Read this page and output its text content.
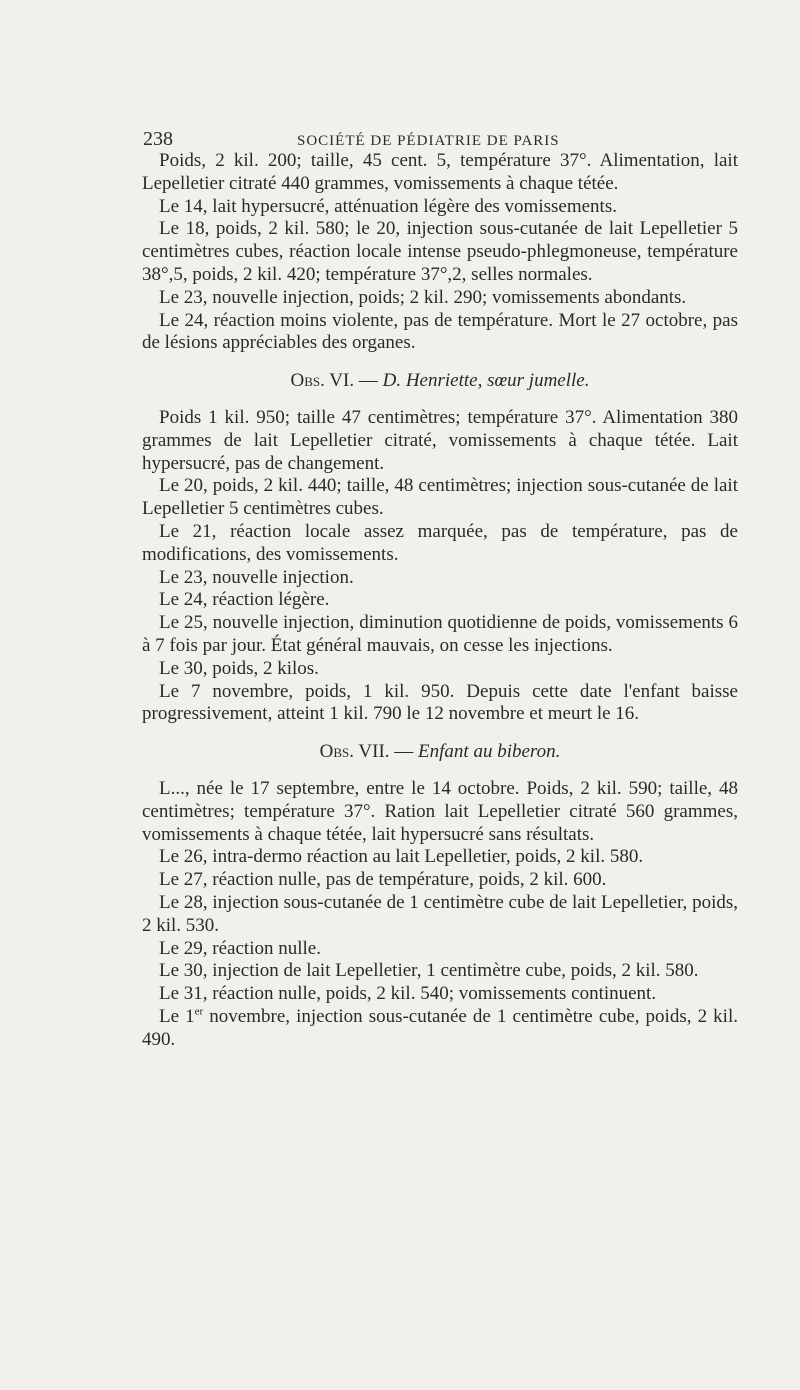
238	SOCIÉTÉ DE PÉDIATRIE DE PARIS

Poids, 2 kil. 200; taille, 45 cent. 5, température 37°. Alimentation, lait Lepelletier citraté 440 grammes, vomissements à chaque tétée.

Le 14, lait hypersucré, atténuation légère des vomissements.

Le 18, poids, 2 kil. 580; le 20, injection sous-cutanée de lait Lepelletier 5 centimètres cubes, réaction locale intense pseudo-phlegmoneuse, température 38°,5, poids, 2 kil. 420; température 37°,2, selles normales.

Le 23, nouvelle injection, poids; 2 kil. 290; vomissements abondants.

Le 24, réaction moins violente, pas de température. Mort le 27 octobre, pas de lésions appréciables des organes.

Obs. VI. — D. Henriette, sœur jumelle.

Poids 1 kil. 950; taille 47 centimètres; température 37°. Alimentation 380 grammes de lait Lepelletier citraté, vomissements à chaque tétée. Lait hypersucré, pas de changement.

Le 20, poids, 2 kil. 440; taille, 48 centimètres; injection sous-cutanée de lait Lepelletier 5 centimètres cubes.

Le 21, réaction locale assez marquée, pas de température, pas de modifications, des vomissements.

Le 23, nouvelle injection.

Le 24, réaction légère.

Le 25, nouvelle injection, diminution quotidienne de poids, vomissements 6 à 7 fois par jour. État général mauvais, on cesse les injections.

Le 30, poids, 2 kilos.

Le 7 novembre, poids, 1 kil. 950. Depuis cette date l'enfant baisse progressivement, atteint 1 kil. 790 le 12 novembre et meurt le 16.

Obs. VII. — Enfant au biberon.

L..., née le 17 septembre, entre le 14 octobre. Poids, 2 kil. 590; taille, 48 centimètres; température 37°. Ration lait Lepelletier citraté 560 grammes, vomissements à chaque tétée, lait hypersucré sans résultats.

Le 26, intra-dermo réaction au lait Lepelletier, poids, 2 kil. 580.

Le 27, réaction nulle, pas de température, poids, 2 kil. 600.

Le 28, injection sous-cutanée de 1 centimètre cube de lait Lepelletier, poids, 2 kil. 530.

Le 29, réaction nulle.

Le 30, injection de lait Lepelletier, 1 centimètre cube, poids, 2 kil. 580.

Le 31, réaction nulle, poids, 2 kil. 540; vomissements continuent.

Le 1er novembre, injection sous-cutanée de 1 centimètre cube, poids, 2 kil. 490.
